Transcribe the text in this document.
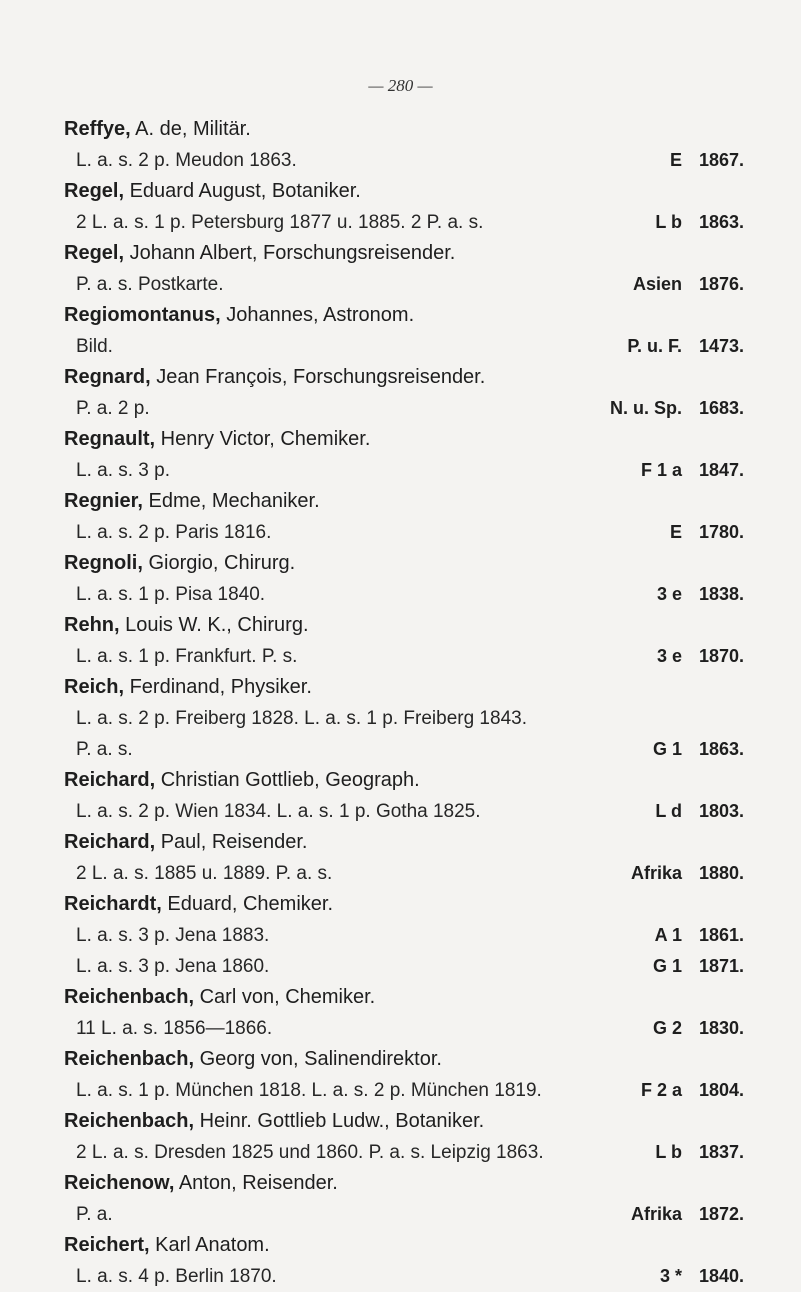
— 280 —
Reffye, A. de, Militär.
L. a. s. 2 p. Meudon 1863.	E 1867.
Regel, Eduard August, Botaniker.
2 L. a. s. 1 p. Petersburg 1877 u. 1885. 2 P. a. s.	L b 1863.
Regel, Johann Albert, Forschungsreisender.
P. a. s. Postkarte.	Asien 1876.
Regiomontanus, Johannes, Astronom.
Bild.	P. u. F. 1473.
Regnard, Jean François, Forschungsreisender.
P. a. 2 p.	N. u. Sp. 1683.
Regnault, Henry Victor, Chemiker.
L. a. s. 3 p.	F 1 a 1847.
Regnier, Edme, Mechaniker.
L. a. s. 2 p. Paris 1816.	E 1780.
Regnoli, Giorgio, Chirurg.
L. a. s. 1 p. Pisa 1840.	3 e 1838.
Rehn, Louis W. K., Chirurg.
L. a. s. 1 p. Frankfurt. P. s.	3 e 1870.
Reich, Ferdinand, Physiker.
L. a. s. 2 p. Freiberg 1828. L. a. s. 1 p. Freiberg 1843.
P. a. s.	G 1 1863.
Reichard, Christian Gottlieb, Geograph.
L. a. s. 2 p. Wien 1834. L. a. s. 1 p. Gotha 1825.	L d 1803.
Reichard, Paul, Reisender.
2 L. a. s. 1885 u. 1889. P. a. s.	Afrika 1880.
Reichardt, Eduard, Chemiker.
L. a. s. 3 p. Jena 1883.	A 1 1861.
L. a. s. 3 p. Jena 1860.	G 1 1871.
Reichenbach, Carl von, Chemiker.
11 L. a. s. 1856—1866.	G 2 1830.
Reichenbach, Georg von, Salinendirektor.
L. a. s. 1 p. München 1818. L. a. s. 2 p. München 1819.	F 2 a 1804.
Reichenbach, Heinr. Gottlieb Ludw., Botaniker.
2 L. a. s. Dresden 1825 und 1860. P. a. s. Leipzig 1863.	L b 1837.
Reichenow, Anton, Reisender.
P. a.	Afrika 1872.
Reichert, Karl Anatom.
L. a. s. 4 p. Berlin 1870.	3 * 1840.
